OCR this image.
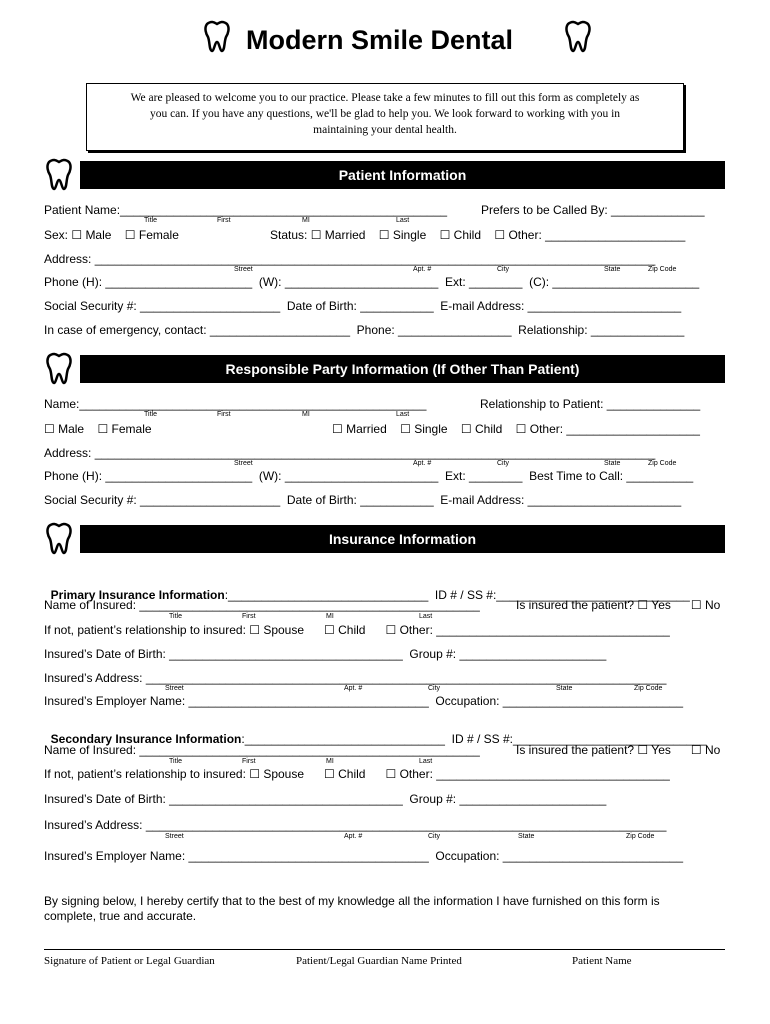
Modern Smile Dental
We are pleased to welcome you to our practice. Please take a few minutes to fill out this form as completely as
you can. If you have any questions, we'll be glad to help you. We look forward to working with you in
maintaining your dental health.
Patient Information
Patient Name:_________________________________________________	Prefers to be Called By: ______________
Title	First	MI	Last
Sex: ☐ Male    ☐ Female	Status: ☐ Married    ☐ Single    ☐ Child    ☐ Other: _____________________
Address: ____________________________________________________________________________________
Street	Apt. #	City	State	Zip Code
Phone (H): ______________________  (W): _______________________  Ext: ________  (C): ______________________
Social Security #: _____________________  Date of Birth: ___________  E-mail Address: _______________________
In case of emergency, contact: _____________________  Phone: _________________  Relationship: ______________
Responsible Party Information (If Other Than Patient)
Name:____________________________________________________	Relationship to Patient: ______________
Title	First	MI	Last
☐ Male    ☐ Female	☐ Married    ☐ Single    ☐ Child    ☐ Other: ____________________
Address: ____________________________________________________________________________________
Street	Apt. #	City	State	Zip Code
Phone (H): ______________________  (W): _______________________  Ext: ________  Best Time to Call: __________
Social Security #: _____________________  Date of Birth: ___________  E-mail Address: _______________________
Insurance Information

Primary Insurance Information:______________________________  ID # / SS #:_____________________________

Name of Insured: ___________________________________________________	Is insured the patient? ☐ Yes      ☐ No
Title	First	MI	Last
If not, patient’s relationship to insured: ☐ Spouse      ☐ Child      ☐ Other: ___________________________________
Insured’s Date of Birth: ___________________________________  Group #: ______________________
Insured’s Address: ______________________________________________________________________________
Street	Apt. #	City	State	Zip Code
Insured’s Employer Name: ____________________________________  Occupation: ___________________________

Secondary Insurance Information:______________________________  ID # / SS #:_____________________________

Name of Insured: ___________________________________________________	Is insured the patient? ☐ Yes      ☐ No
Title	First	MI	Last
If not, patient’s relationship to insured: ☐ Spouse      ☐ Child      ☐ Other: ___________________________________
Insured’s Date of Birth: ___________________________________  Group #: ______________________
Insured’s Address: ______________________________________________________________________________
Street	Apt. #	City	State	Zip Code
Insured’s Employer Name: ____________________________________  Occupation: ___________________________
By signing below, I hereby certify that to the best of my knowledge all the information I have furnished on this form is
complete, true and accurate.
Signature of Patient or Legal Guardian	Patient/Legal Guardian Name Printed	Patient Name
